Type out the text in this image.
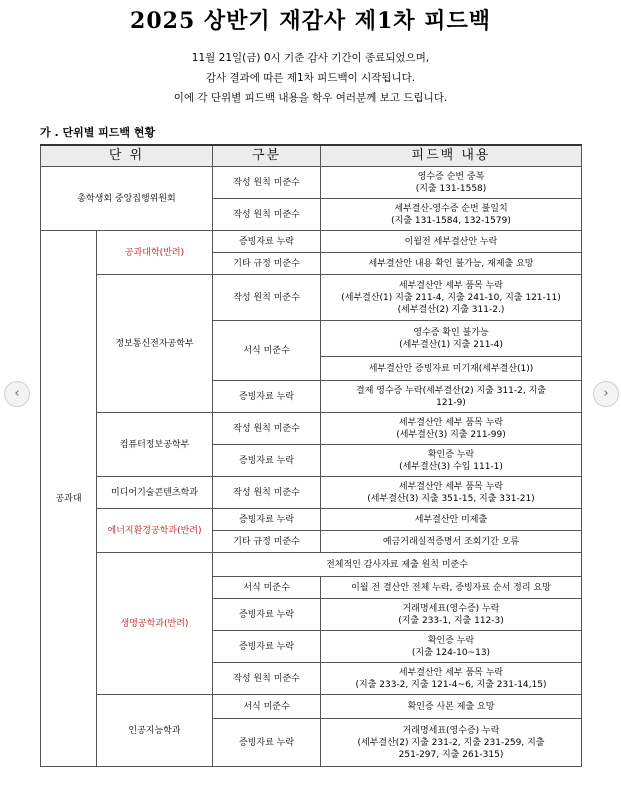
2025 상반기 재감사 제1차 피드백
11월 21일(금) 0시 기준 감사 기간이 종료되었으며,
감사 결과에 따른 제1차 피드백이 시작됩니다.
이에 각 단위별 피드백 내용을 학우 여러분께 보고 드립니다.
가 . 단위별 피드백 현황
단 위		구분	피드백 내용
총학생회 중앙집행위원회		작성 원칙 미준수	영수증 순번 중복
(지출 131-1558)

		작성 원칙 미준수	세부결산-영수증 순번 불일치
(지출 131-1584, 132-1579)

공과대	공과대학(반려)	증빙자료 누락	이월전 세부결산안 누락
		기타 규정 미준수	세부결산안 내용 확인 불가능, 재제출 요망
	정보통신전자공학부	작성 원칙 미준수	세부결산안 세부 품목 누락
(세부결산(1) 지출 211-4, 지출 241-10, 지출 121-11)
(세부결산(2) 지출 311-2.)

		서식 미준수	영수증 확인 불가능
(세부결산(1) 지출 211-4)

			세부결산안 증빙자료 미기재(세부결산(1))
		증빙자료 누락	결제 영수증 누락(세부결산(2) 지출 311-2, 지출
121-9)

	컴퓨터정보공학부	작성 원칙 미준수	세부결산안 세부 품목 누락
(세부결산(3) 지출 211-99)

		증빙자료 누락	확인증 누락
(세부결산(3) 수입 111-1)

	미디어기술콘텐츠학과	작성 원칙 미준수	세부결산안 세부 품목 누락
(세부결산(3) 지출 351-15, 지출 331-21)

	에너지환경공학과(반려)	증빙자료 누락	세부결산안 미제출
		기타 규정 미준수	예금거래실적증명서 조회기간 오류
	생명공학과(반려)	전체적인 감사자료 제출 원칙 미준수	
		서식 미준수	이월 전 결산안 전체 누락, 증빙자료 순서 정리 요망
		증빙자료 누락	거래명세표(영수증) 누락
(지출 233-1, 지출 112-3)

		증빙자료 누락	확인증 누락
(지출 124-10~13)

		작성 원칙 미준수	세부결산안 세부 품목 누락
(지출 233-2, 지출 121-4~6, 지출 231-14,15)

	인공지능학과	서식 미준수	확인증 사본 제출 요망
		증빙자료 누락	거래명세표(영수증) 누락
(세부결산(2) 지출 231-2, 지출 231-259, 지출
251-297, 지출 261-315)
‹	›
